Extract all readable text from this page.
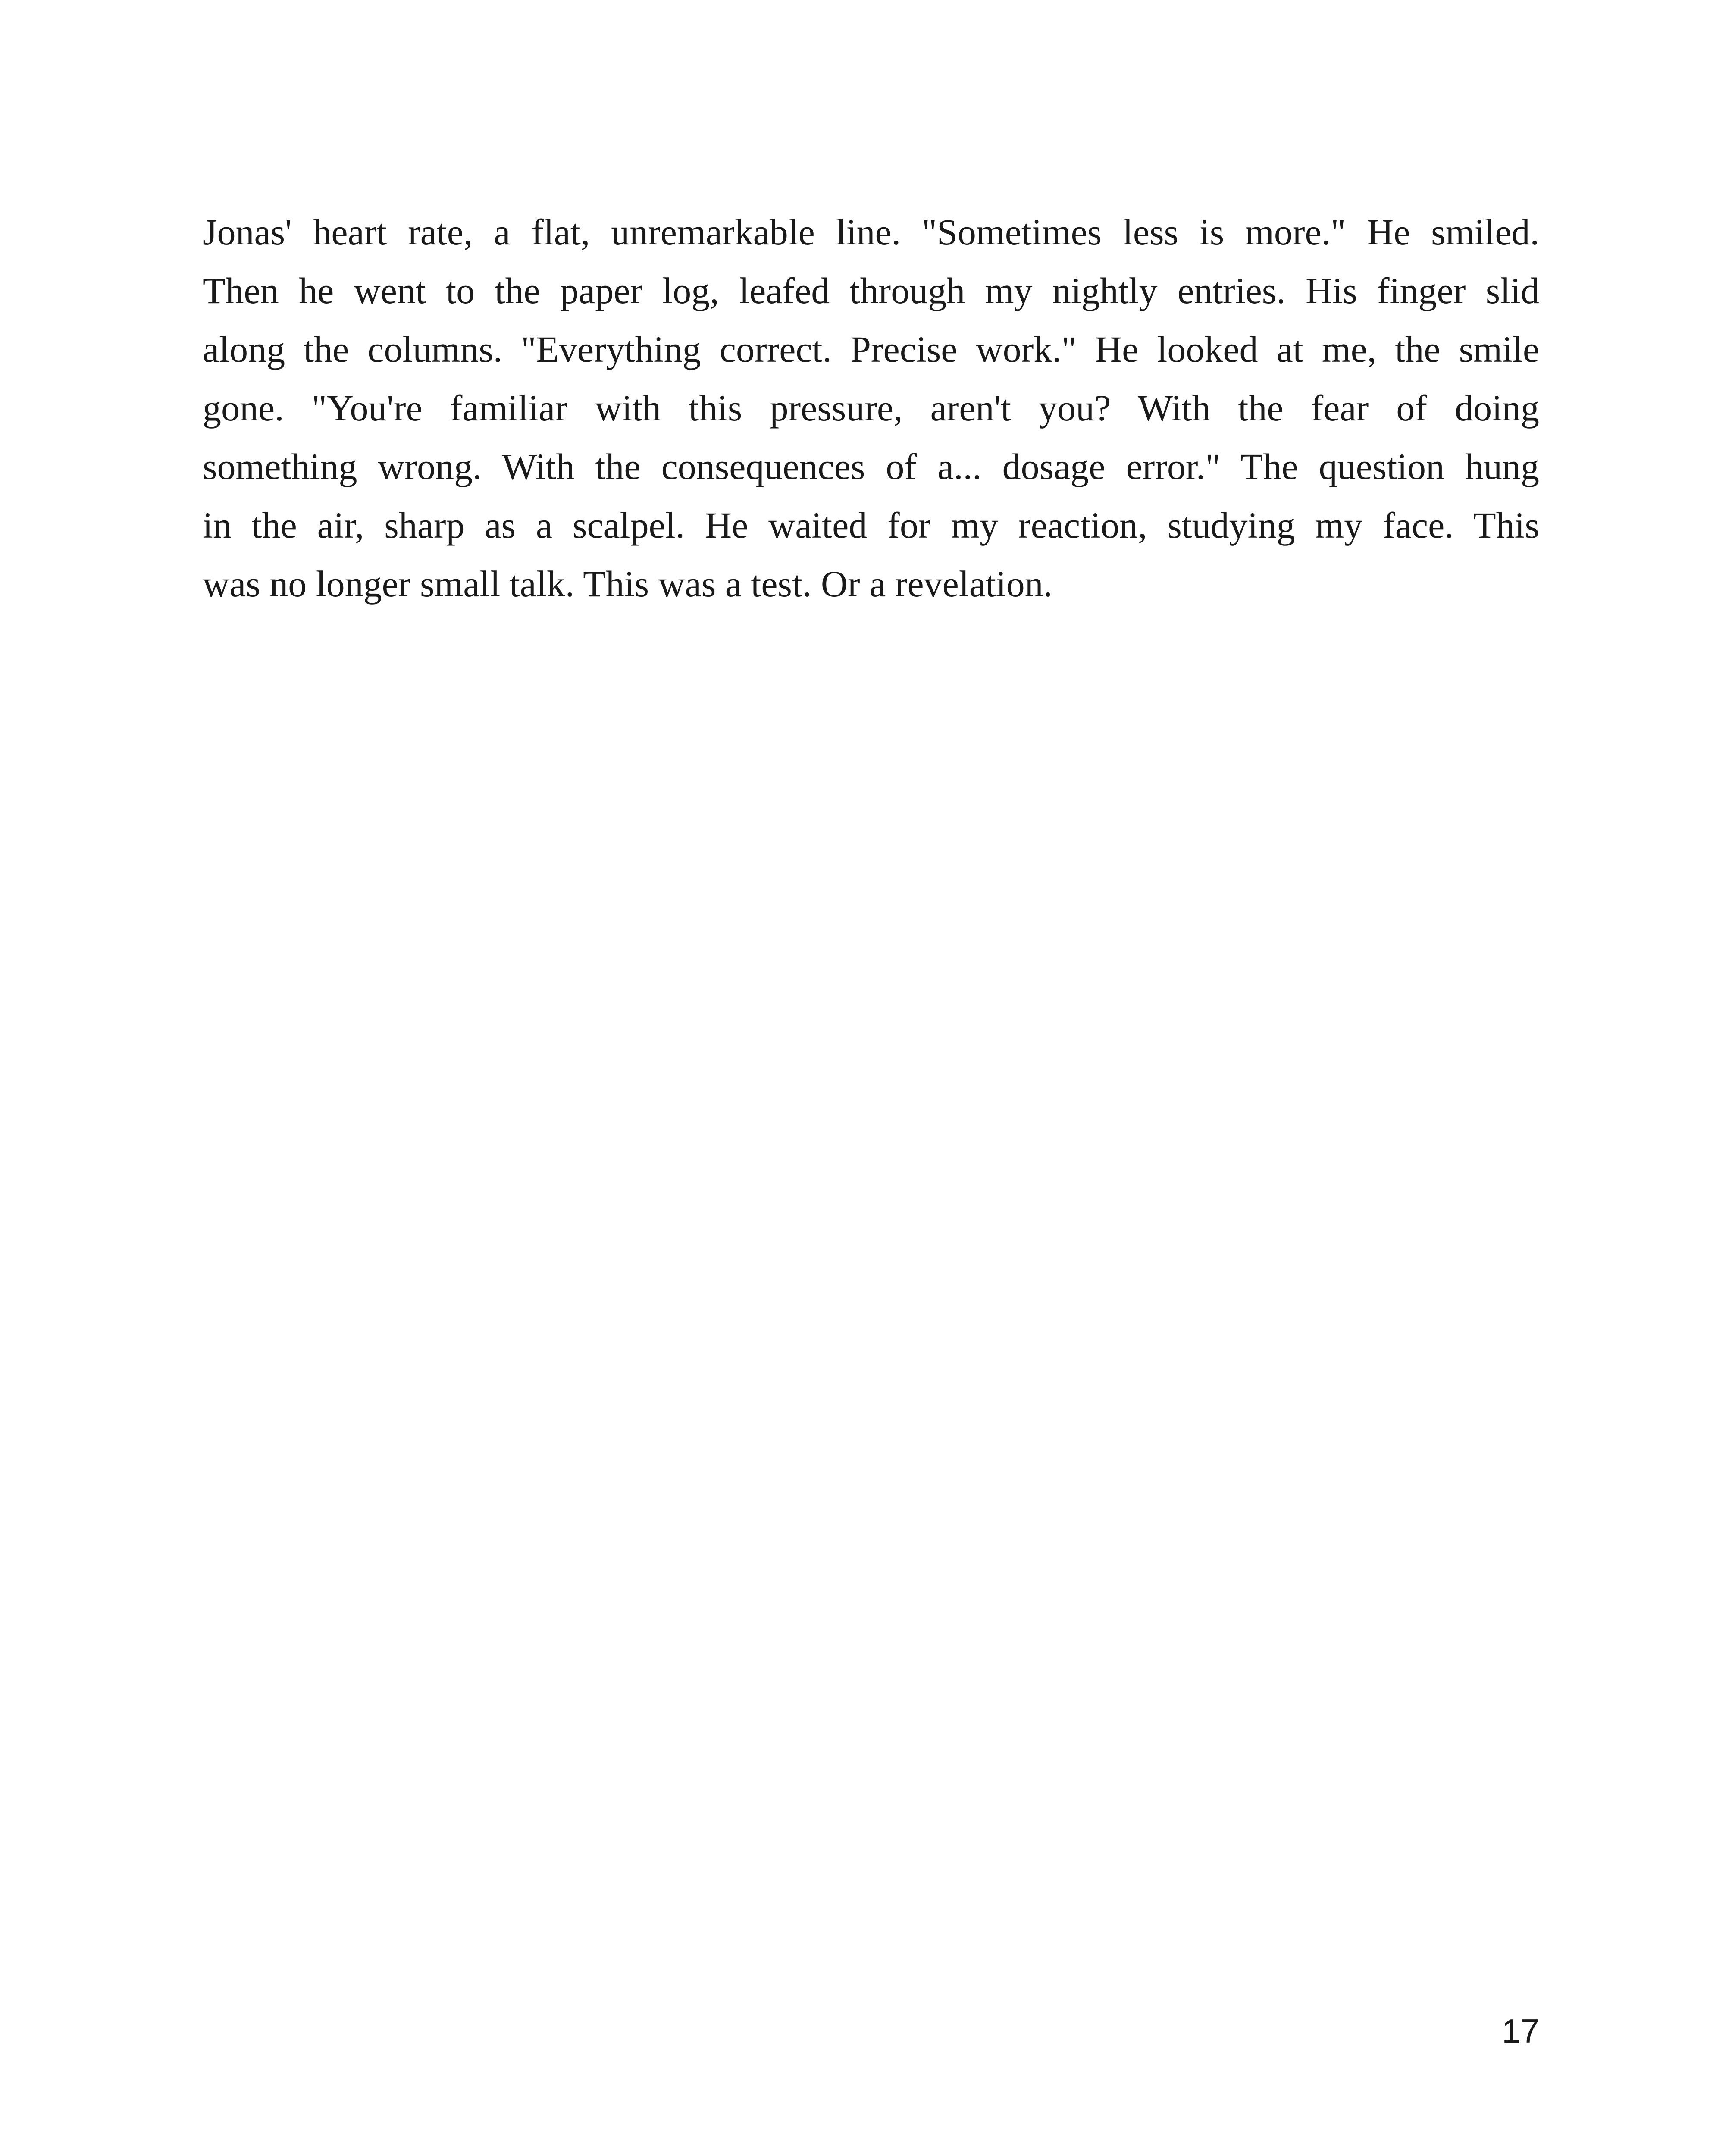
Jonas' heart rate, a flat, unremarkable line. "Sometimes less is more." He smiled.
Then he went to the paper log, leafed through my nightly entries. His finger slid
along the columns. "Everything correct. Precise work." He looked at me, the smile
gone. "You're familiar with this pressure, aren't you? With the fear of doing
something wrong. With the consequences of a... dosage error." The question hung
in the air, sharp as a scalpel. He waited for my reaction, studying my face. This
was no longer small talk. This was a test. Or a revelation.
17
